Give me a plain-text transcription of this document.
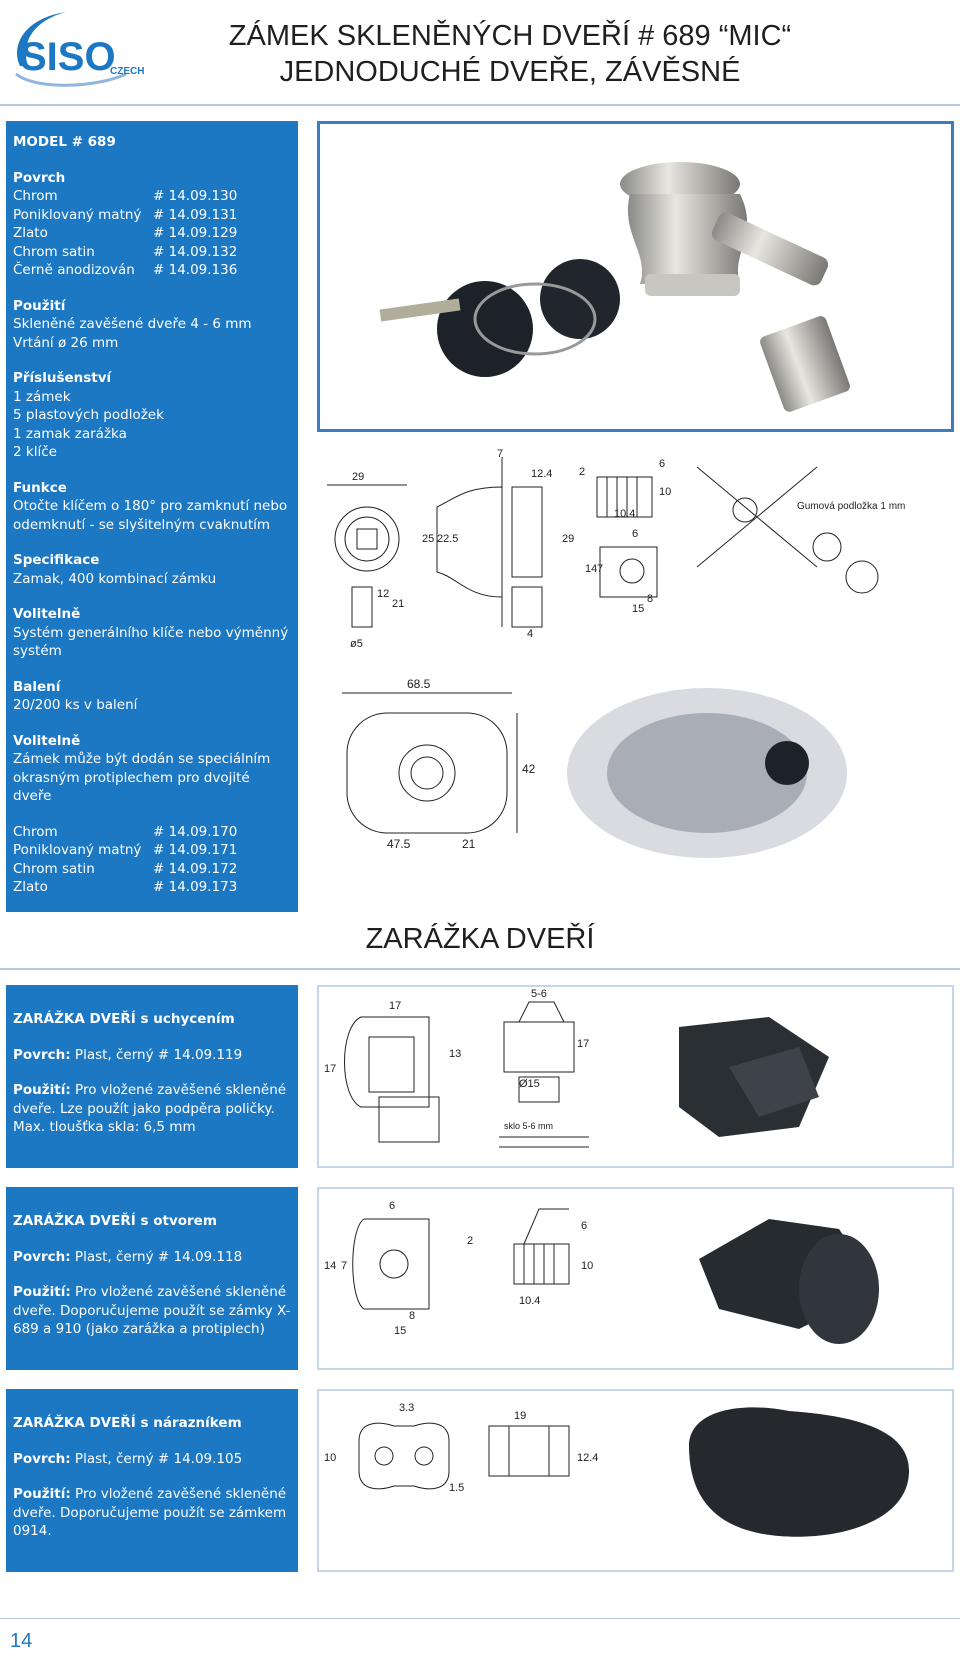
SISO
CZECH
ZÁMEK SKLENĚNÝCH DVEŘÍ # 689 “MIC“
JEDNODUCHÉ DVEŘE, ZÁVĚSNÉ
MODEL # 689
Povrch
Chrom	# 14.09.130
Poniklovaný matný # 14.09.131
Zlato	# 14.09.129
Chrom satin	# 14.09.132
Černě anodizován # 14.09.136
Použití
Skleněné zavěšené dveře 4 - 6 mm
Vrtání ø 26 mm
Příslušenství
1 zámek
5 plastových podložek
1 zamak zarážka
2 klíče
Funkce
Otočte klíčem o 180° pro zamknutí nebo
odemknutí - se slyšitelným cvaknutím
Specifikace
Zamak, 400 kombinací zámku
Volitelně
Systém generálního klíče nebo výměnný
systém
Balení
20/200 ks v balení
Volitelně
Zámek může být dodán se speciálním
okrasným protiplechem pro dvojité
dveře
Chrom	# 14.09.170
Poniklovaný matný # 14.09.171
Chrom satin	# 14.09.172
Zlato	# 14.09.173
29
7
12.4
25 22.5	29
12
21
4
ø5
2
6
10
10.4
6
14 7
8
15
Gumová podložka 1 mm
68.5
42
47.5	21
ZARÁŽKA DVEŘÍ
ZARÁŽKA DVEŘÍ s uchycením
Povrch: Plast, černý # 14.09.119
Použití: Pro vložené zavěšené skleněné dveře. Lze použít jako podpěra poličky. Max. tloušťka skla: 6,5 mm
17
17
5-6
13
17
Ø15
sklo 5-6 mm
ZARÁŽKA DVEŘÍ s otvorem
Povrch: Plast, černý # 14.09.118
Použití: Pro vložené zavěšené skleněné dveře. Doporučujeme použít se zámky X-689 a 910 (jako zarážka a protiplech)
6
14 7
8
15
2
6
10
10.4
ZARÁŽKA DVEŘÍ s nárazníkem
Povrch: Plast, černý # 14.09.105
Použití: Pro vložené zavěšené skleněné dveře. Doporučujeme použít se zámkem 0914.
3.3
19
10
1.5
12.4
14
